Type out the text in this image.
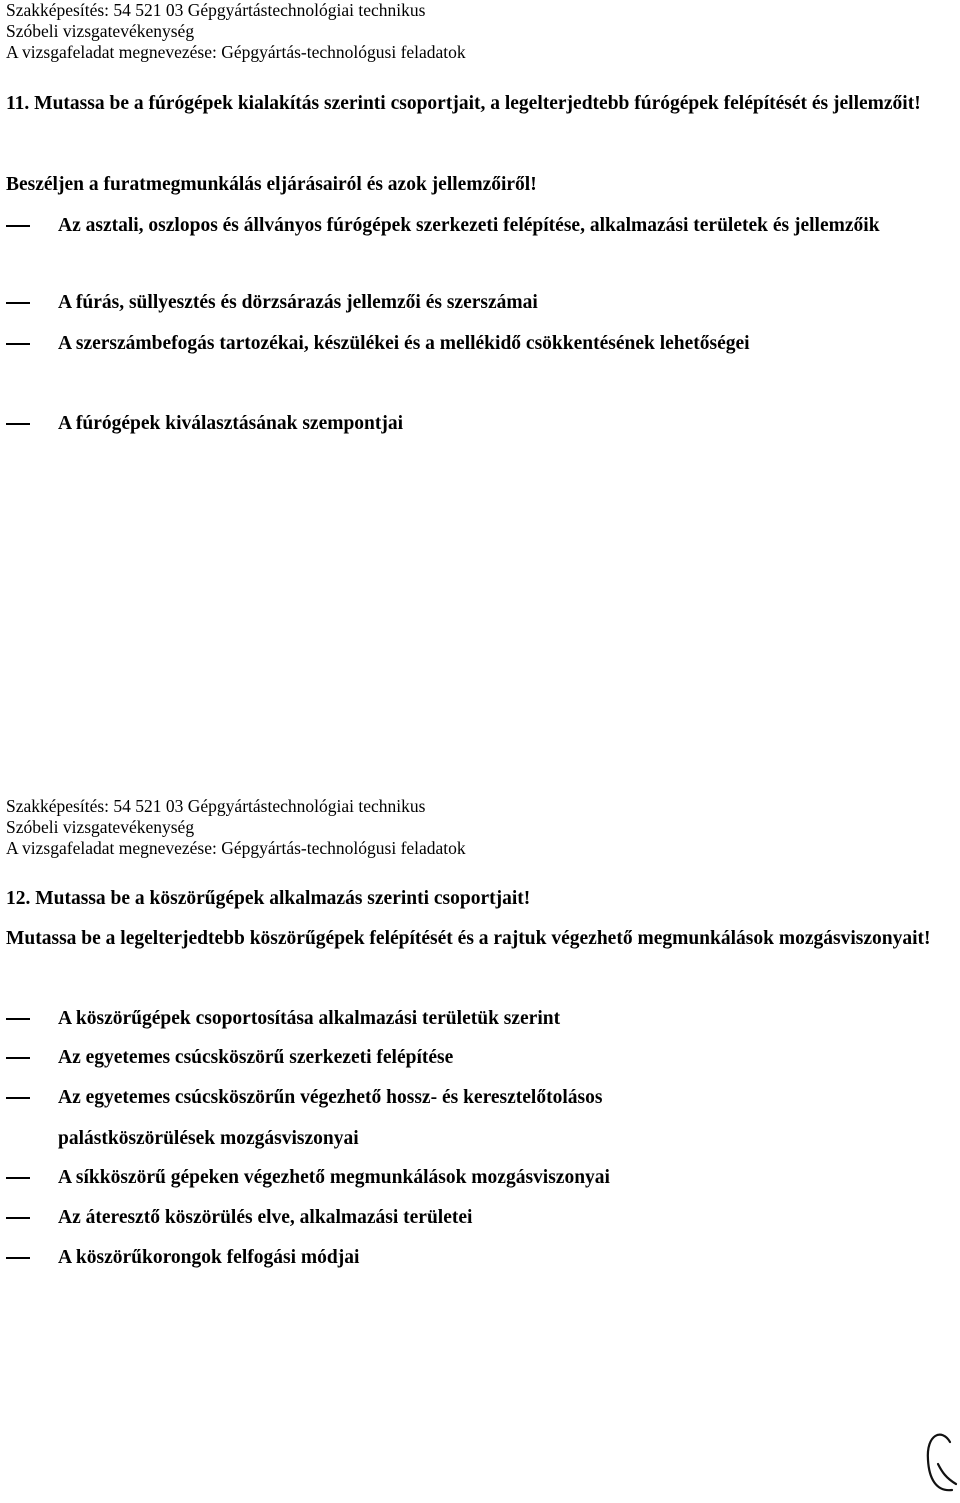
Szakképesítés: 54 521 03 Gépgyártástechnológiai technikus
Szóbeli vizsgatevékenység
A vizsgafeladat megnevezése: Gépgyártás-technológusi feladatok
11. Mutassa be a fúrógépek kialakítás szerinti csoportjait, a legelterjedtebb fúrógépek felépítését és jellemzőit!
Beszéljen a furatmegmunkálás eljárásairól és azok jellemzőiről!
Az asztali, oszlopos és állványos fúrógépek szerkezeti felépítése, alkalmazási területek és jellemzőik
A fúrás, süllyesztés és dörzsárazás jellemzői és szerszámai
A szerszámbefogás tartozékai, készülékei és a mellékidő csökkentésének lehetőségei
A fúrógépek kiválasztásának szempontjai
Szakképesítés: 54 521 03 Gépgyártástechnológiai technikus
Szóbeli vizsgatevékenység
A vizsgafeladat megnevezése: Gépgyártás-technológusi feladatok
12. Mutassa be a köszörűgépek alkalmazás szerinti csoportjait!
Mutassa be a legelterjedtebb köszörűgépek felépítését és a rajtuk végezhető megmunkálások mozgásviszonyait!
A köszörűgépek csoportosítása alkalmazási területük szerint
Az egyetemes csúcsköszörű szerkezeti felépítése
Az egyetemes csúcsköszörűn végezhető hossz- és keresztelőtolásos palástköszörülések mozgásviszonyai
A síkköszörű gépeken végezhető megmunkálások mozgásviszonyai
Az áteresztő köszörülés elve, alkalmazási területei
A köszörűkorongok felfogási módjai
